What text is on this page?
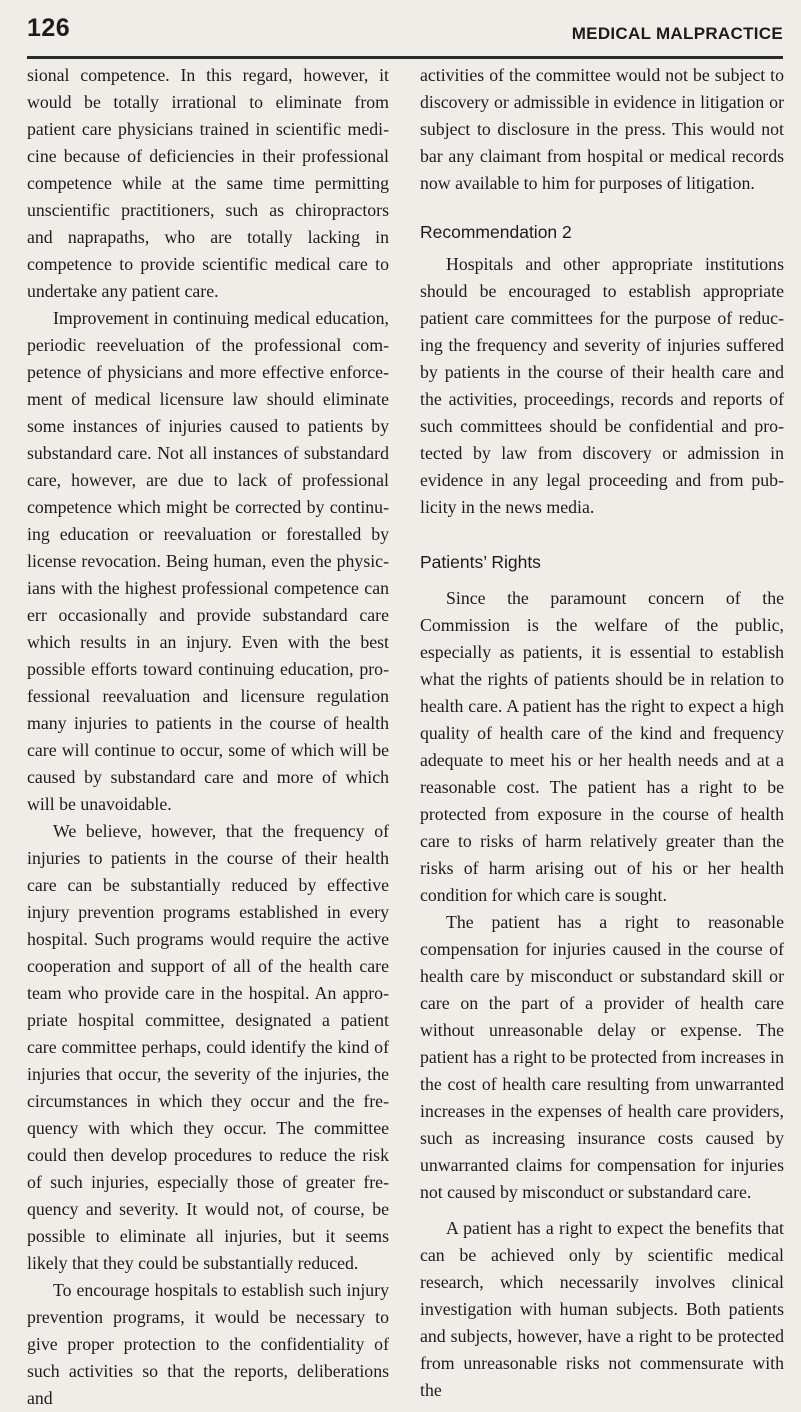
126	MEDICAL MALPRACTICE

sional competence. In this regard, however, it would be totally irrational to eliminate from patient care physicians trained in scientific medicine because of deficiencies in their professional competence while at the same time permitting unscientific practitioners, such as chiropractors and naprapaths, who are totally lacking in competence to provide scientific medical care to undertake any patient care.

Improvement in continuing medical education, periodic reeveluation of the professional competence of physicians and more effective enforcement of medical licensure law should eliminate some instances of injuries caused to patients by substandard care. Not all instances of substandard care, however, are due to lack of professional competence which might be corrected by continuing education or reevaluation or forestalled by license revocation. Being human, even the physicians with the highest professional competence can err occasionally and provide substandard care which results in an injury. Even with the best possible efforts toward continuing education, professional reevaluation and licensure regulation many injuries to patients in the course of health care will continue to occur, some of which will be caused by substandard care and more of which will be unavoidable.

We believe, however, that the frequency of injuries to patients in the course of their health care can be substantially reduced by effective injury prevention programs established in every hospital. Such programs would require the active cooperation and support of all of the health care team who provide care in the hospital. An appropriate hospital committee, designated a patient care committee perhaps, could identify the kind of injuries that occur, the severity of the injuries, the circumstances in which they occur and the frequency with which they occur. The committee could then develop procedures to reduce the risk of such injuries, especially those of greater frequency and severity. It would not, of course, be possible to eliminate all injuries, but it seems likely that they could be substantially reduced.

To encourage hospitals to establish such injury prevention programs, it would be necessary to give proper protection to the confidentiality of such activities so that the reports, deliberations and

activities of the committee would not be subject to discovery or admissible in evidence in litigation or subject to disclosure in the press. This would not bar any claimant from hospital or medical records now available to him for purposes of litigation.

Recommendation 2

Hospitals and other appropriate institutions should be encouraged to establish appropriate patient care committees for the purpose of reducing the frequency and severity of injuries suffered by patients in the course of their health care and the activities, proceedings, records and reports of such committees should be confidential and protected by law from discovery or admission in evidence in any legal proceeding and from publicity in the news media.

Patients’ Rights

Since the paramount concern of the Commission is the welfare of the public, especially as patients, it is essential to establish what the rights of patients should be in relation to health care. A patient has the right to expect a high quality of health care of the kind and frequency adequate to meet his or her health needs and at a reasonable cost. The patient has a right to be protected from exposure in the course of health care to risks of harm relatively greater than the risks of harm arising out of his or her health condition for which care is sought.

The patient has a right to reasonable compensation for injuries caused in the course of health care by misconduct or substandard skill or care on the part of a provider of health care without unreasonable delay or expense. The patient has a right to be protected from increases in the cost of health care resulting from unwarranted increases in the expenses of health care providers, such as increasing insurance costs caused by unwarranted claims for compensation for injuries not caused by misconduct or substandard care.

A patient has a right to expect the benefits that can be achieved only by scientific medical research, which necessarily involves clinical investigation with human subjects. Both patients and subjects, however, have a right to be protected from unreasonable risks not commensurate with the
